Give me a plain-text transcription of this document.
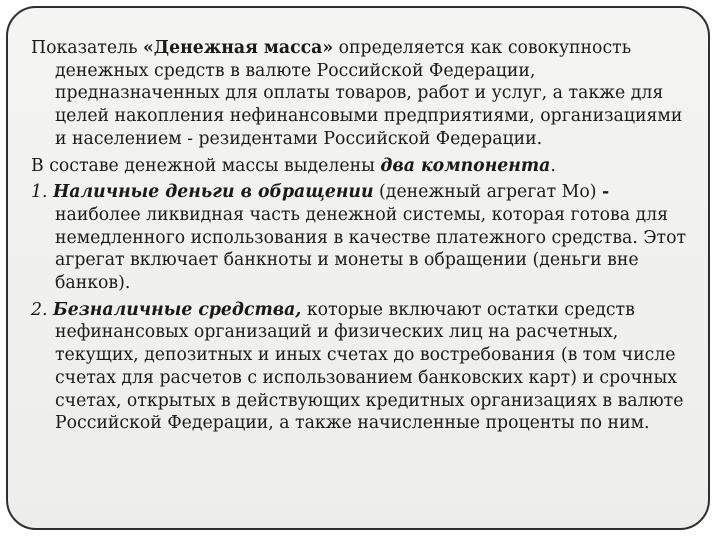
Показатель «Денежная масса» определяется как совокупность денежных средств в валюте Российской Федерации, предназначенных для оплаты товаров, работ и услуг, а также для целей накопления нефинансовыми предприятиями, организациями и населением - резидентами Российской Федерации.

В составе денежной массы выделены два компонента.

1. Наличные деньги в обращении (денежный агрегат Мо) - наиболее ликвидная часть денежной системы, которая готова для немедленного использования в качестве платежного средства. Этот агрегат включает банкноты и монеты в обращении (деньги вне банков).

2. Безналичные средства, которые включают остатки средств нефинансовых организаций и физических лиц на расчетных, текущих, депозитных и иных счетах до востребования (в том числе счетах для расчетов с использованием банковских карт) и срочных счетах, открытых в действующих кредитных организациях в валюте Российской Федерации, а также начисленные проценты по ним.
